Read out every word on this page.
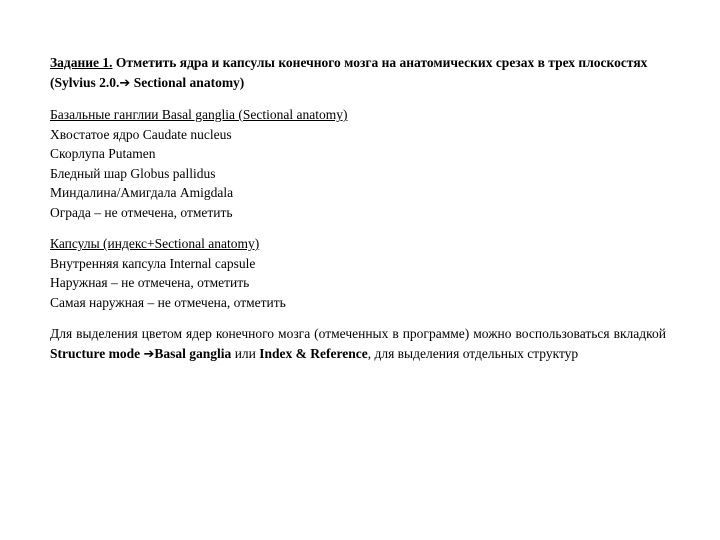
Задание 1. Отметить ядра и капсулы конечного мозга на анатомических срезах в трех плоскостях (Sylvius 2.0.➔ Sectional anatomy)

Базальные ганглии Basal ganglia (Sectional anatomy)
Хвостатое ядро Caudate nucleus
Скорлупа Putamen
Бледный шар Globus pallidus
Миндалина/Амигдала Amigdala
Ограда – не отмечена, отметить
Капсулы (индекс+Sectional anatomy)
Внутренняя капсула Internal capsule
Наружная – не отмечена, отметить
Самая наружная – не отмечена, отметить
Для выделения цветом ядер конечного мозга (отмеченных в программе) можно воспользоваться вкладкой Structure mode ➔Basal ganglia или Index & Reference, для выделения отдельных структур
